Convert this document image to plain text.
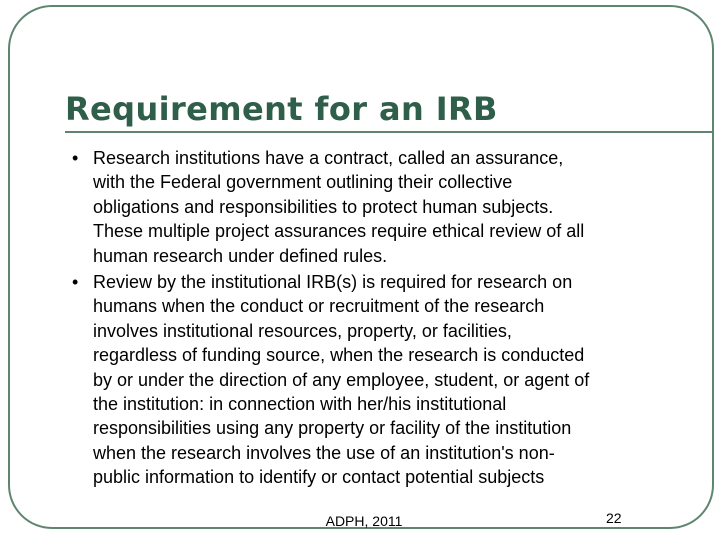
Requirement for an IRB
• Research institutions have a contract, called an assurance,
with the Federal government outlining their collective
obligations and responsibilities to protect human subjects.
These multiple project assurances require ethical review of all
human research under defined rules.
• Review by the institutional IRB(s) is required for research on
humans when the conduct or recruitment of the research
involves institutional resources, property, or facilities,
regardless of funding source, when the research is conducted
by or under the direction of any employee, student, or agent of
the institution: in connection with her/his institutional
responsibilities using any property or facility of the institution
when the research involves the use of an institution's non-
public information to identify or contact potential subjects
ADPH, 2011	22
